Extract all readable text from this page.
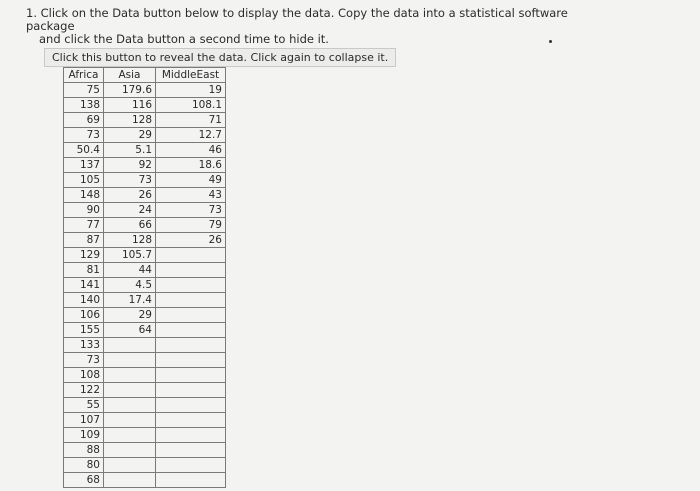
1. Click on the Data button below to display the data. Copy the data into a statistical software package
and click the Data button a second time to hide it.
Click this button to reveal the data. Click again to collapse it.
Africa	Asia	MiddleEast
75	179.6	19
138	116	108.1
69	128	71
73	29	12.7
50.4	5.1	46
137	92	18.6
105	73	49
148	26	43
90	24	73
77	66	79
87	128	26
129	105.7	
81	44	
141	4.5	
140	17.4	
106	29	
155	64	
133		
73		
108		
122		
55		
107		
109		
88		
80		
68		
